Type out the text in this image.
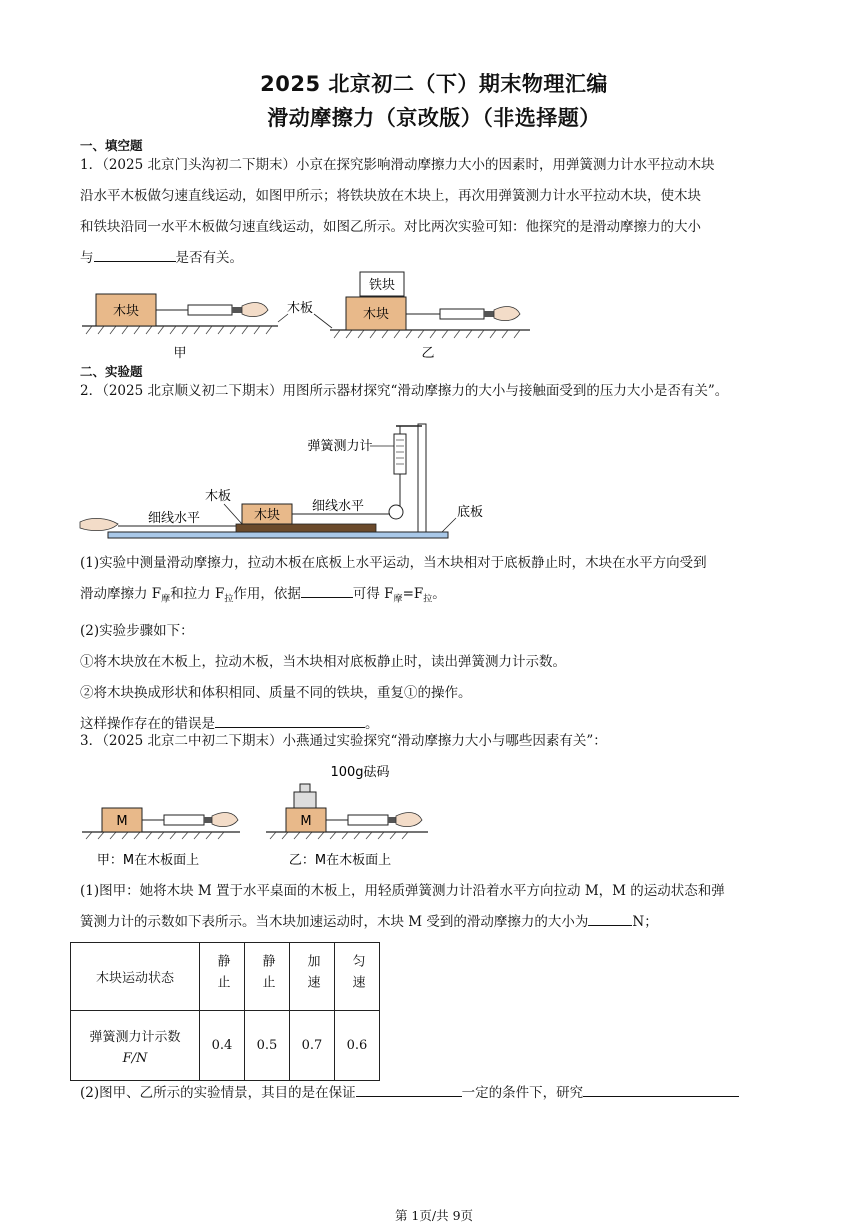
2025 北京初二（下）期末物理汇编
滑动摩擦力（京改版）（非选择题）
一、填空题
1．（2025 北京门头沟初二下期末）小京在探究影响滑动摩擦力大小的因素时，用弹簧测力计水平拉动木块
沿水平木板做匀速直线运动，如图甲所示；将铁块放在木块上，再次用弹簧测力计水平拉动木块，使木块
和铁块沿同一水平木板做匀速直线运动，如图乙所示。对比两次实验可知：他探究的是滑动摩擦力的大小
与	是否有关。
木块	木板
铁块
木块
甲	乙
二、实验题
2．（2025 北京顺义初二下期末）用图所示器材探究“滑动摩擦力的大小与接触面受到的压力大小是否有关”。
弹簧测力计
底板
木板
木块
细线水平
细线水平
(1)实验中测量滑动摩擦力，拉动木板在底板上水平运动，当木块相对于底板静止时，木块在水平方向受到
滑动摩擦力 $F_摩$和拉力 $F_拉$作用，依据	可得 $F_摩=F_拉$。
(2)实验步骤如下：
①将木块放在木板上，拉动木板，当木块相对底板静止时，读出弹簧测力计示数。
②将木块换成形状和体积相同、质量不同的铁块，重复①的操作。
这样操作存在的错误是	。
3．（2025 北京二中初二下期末）小燕通过实验探究“滑动摩擦力大小与哪些因素有关”：
M	M
100g砝码
甲：M在木板面上	乙：M在木板面上
(1)图甲：她将木块 M 置于水平桌面的木板上，用轻质弹簧测力计沿着水平方向拉动 M，M 的运动状态和弹
簧测力计的示数如下表所示。当木块加速运动时，木块 M 受到的滑动摩擦力的大小为	N；
木块运动状态	静止	静止	加速	匀速

弹簧测力计示数
F/N	0.4	0.5	0.7	0.6
(2)图甲、乙所示的实验情景，其目的是在保证	一定的条件下，研究
第 1页/共 9页
